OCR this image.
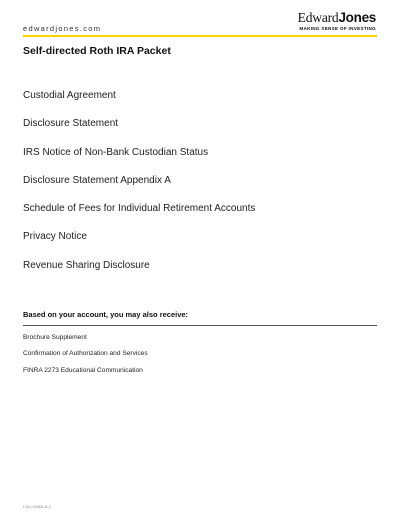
edwardjones.com
EdwardJones
MAKING SENSE OF INVESTING
Self-directed Roth IRA Packet
Custodial Agreement
Disclosure Statement
IRS Notice of Non-Bank Custodian Status
Disclosure Statement Appendix A
Schedule of Fees for Individual Retirement Accounts
Privacy Notice
Revenue Sharing Disclosure
Based on your account, you may also receive:
Brochure Supplement
Confirmation of Authorization and Services
FINRA 2273 Educational Communication
LSU-19483-A-2
